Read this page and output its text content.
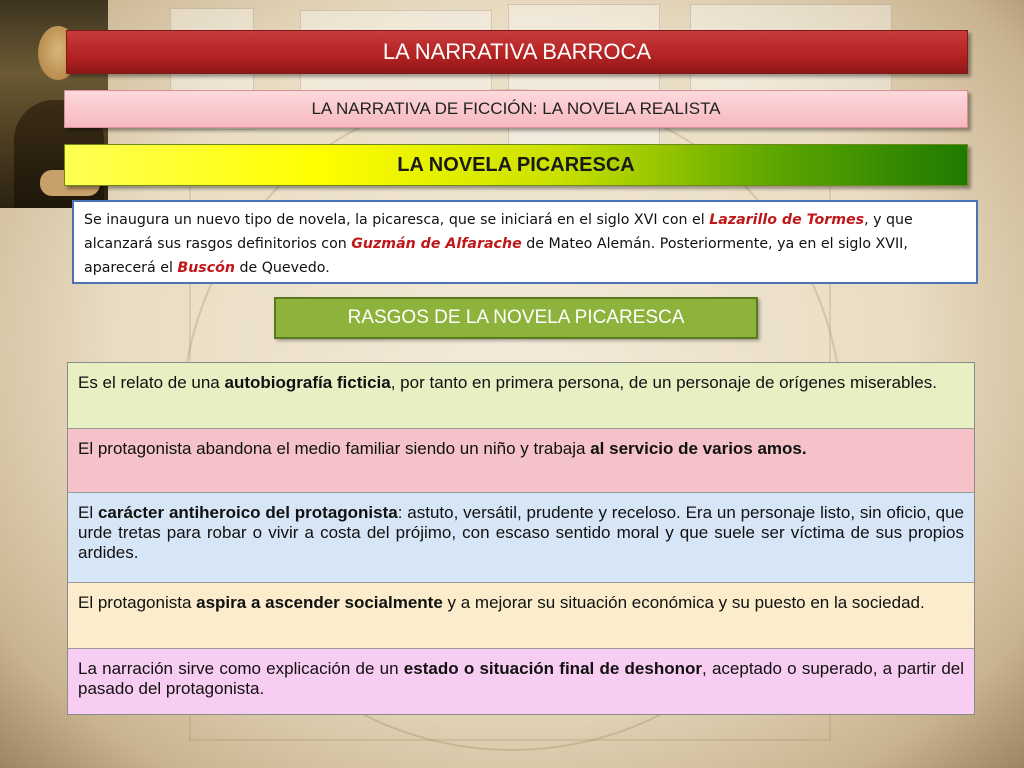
LA NARRATIVA BARROCA
LA NARRATIVA DE FICCIÓN: LA NOVELA REALISTA
LA NOVELA PICARESCA
Se inaugura un nuevo tipo de novela, la picaresca, que se iniciará en el siglo XVI con el Lazarillo de Tormes, y que alcanzará sus rasgos definitorios con Guzmán de Alfarache de Mateo Alemán. Posteriormente, ya en el siglo XVII, aparecerá el Buscón de Quevedo.
RASGOS DE LA NOVELA PICARESCA
Es el relato de una autobiografía ficticia, por tanto en primera persona, de un personaje de orígenes miserables.
El protagonista abandona el medio familiar siendo un niño y trabaja al servicio de varios amos.
El carácter antiheroico del protagonista: astuto, versátil, prudente y receloso. Era un personaje listo, sin oficio, que urde tretas para robar o vivir a costa del prójimo, con escaso sentido moral y que suele ser víctima de sus propios ardides.
El protagonista aspira a ascender socialmente y a mejorar su situación económica y su puesto en la sociedad.
La narración sirve como explicación de un estado o situación final de deshonor, aceptado o superado, a partir del pasado del protagonista.
